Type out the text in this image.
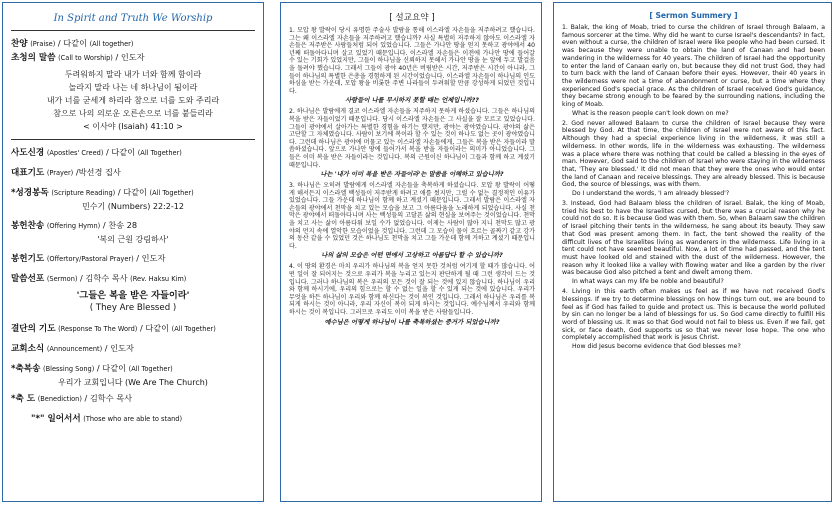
In Spirit and Truth We Worship

찬양 (Praise) / 다같이 (All together)

초청의 말씀 (Call to Worship) / 인도자

두려워하지 말라 내가 너와 함께 함이라

놀라지 말라 나는 네 하나님이 됨이라

내가 너를 굳세게 하리라 참으로 너를 도와 주리라

참으로 나의 의로운 오른손으로 너를 붙들리라

< 이사야 (Isaiah) 41:10 >

사도신경 (Apostles' Creed) / 다같이 (All Together)

대표기도 (Prayer) /박선경 집사

*성경봉독 (Scripture Reading) / 다같이 (All Together)

민수기 (Numbers) 22:2-12

봉헌찬송 (Offering Hymn) / 찬송 28

'복의 근원 강림하사'

봉헌기도 (Offertory/Pastoral Prayer) / 인도자

말씀선포 (Sermon) / 김학수 목사 (Rev. Haksu Kim)

'그들은 복을 받은 자들이라'

( They Are Blessed )

결단의 기도 (Response To The Word) / 다같이 (All Together)

교회소식 (Announcement) / 인도자

*축복송 (Blessing Song) / 다같이 (All Together)

우리가 교회입니다 (We Are The Church)

*축 도 (Benediction) / 김학수 목사

"*" 일어서서 (Those who are able to stand)

[ 설교요약 ]

1. 모압 왕 발락이 당시 유명한 주술사 발람을 통해 이스라엘 자손들을 저주하려고 했습니다. 그는 왜 이스라엘 자손들을 저주하려고 했습니까? 사실 특별히 저주하지 않아도 이스라엘 자손들은 저주받은 사람들처럼 되어 있었습니다. 그들은 가나안 땅을 얻지 못하고 광야에서 40년째 떠돌아다니며 살고 있었기 때문입니다. 이스라엘 자손들은 이전에 가나안 땅에 들어갈 수 있는 기회가 있었지만, 그들이 하나님을 신뢰하지 못해서 가나안 땅을 눈 앞에 두고 발걸음을 돌려야 했습니다. 그래서 그들이 광야 40년은 버림받은 시간, 저주받은 시간이 아니라, 그들이 하나님의 특별한 은총을 경험하게 된 시간이었습니다. 이스라엘 자손들이 하나님의 인도하심을 받는 가운데, 모압 왕을 비롯한 주변 나라들이 두려워할 만큼 강성하게 되었던 것입니다.

사람들이 나를 무시하지 못할 때는 언제입니까??

2. 하나님은 발람에게 결코 이스라엘 자손들을 저주하지 못하게 하셨습니다. 그들은 하나님의 복을 받은 자들이었기 때문입니다. 당시 이스라엘 자손들은 그 사실을 잘 모르고 있었습니다. 그들이 광야에서 살아가는 특별한 경험을 하기는 했지만, 광야는 광야였습니다. 광야의 삶은 고단할 그 자체였습니다. 사람이 보기에 복이라 할 수 있는 것이 하나도 없는 곳이 광야였습니다. 그런데 하나님은 광야에 머물고 있는 이스라엘 자손들에게, 그들은 복을 받은 자들이라 말씀하셨습니다. 앞으로 가나안 땅에 들어가서 복을 받을 자들이라는 의미가 아니었습니다. 그들은 이미 복을 받은 자들이라는 것입니다. 복의 근원이신 하나님이 그들과 함께 하고 계셨기 때문입니다.

나는 '내가 이미 복을 받은 자들이라'는 말씀을 이해하고 있습니까?

3. 하나님은 오히려 발람에게 이스라엘 자손들을 축복하게 하셨습니다. 모압 왕 발락이 어떻게 해서든지 이스라엘 백성들이 저주받게 하려고 애를 썼지만, 그럴 수 없는 결정적인 이유가 있었습니다. 그들 가운데 하나님이 함께 하고 계셨기 때문입니다. 그래서 발람은 이스라엘 자손들의 광야에서 천막을 치고 있는 모습을 보고 그 아름다움을 노래하게 되었습니다. 사실 천막은 광야에서 떠돌아다니며 사는 백성들의 고달픈 삶의 현실을 보여주는 것이었습니다. 천막을 치고 사는 삶이 아름다워 보일 수가 없었습니다. 이제는 사람이 많아 지니 천막도 많고 광야의 먼지 속에 열악한 모습이었을 것입니다. 그런데 그 모습이 물이 흐르는 골짜기 같고 강가의 동산 같을 수 있었던 것은 하나님도 천막을 치고 그들 가운데 함께 거하고 계셨기 때문입니다.

나의 삶의 모습은 어떤 면에서 고상하고 아름답다 할 수 있습니까?

4. 이 땅의 환경은 마치 우리가 하나님의 복을 얻지 못한 것처럼 여기게 할 때가 많습니다. 어떤 일이 잘 되어지는 것으로 우리가 복을 누리고 있는지 판단하게 될 때 그런 생각이 드는 것입니다. 그러나 하나님의 복은 우리의 모든 것이 잘 되는 것에 있지 않습니다. 하나님이 우리와 함께 하시기에, 우리의 힘으로는 할 수 없는 일을 할 수 있게 되는 것에 있습니다. 우리가 무엇을 하든 하나님이 우리와 함께 하신다는 것이 복인 것입니다. 그래서 하나님은 우리를 복되게 하시는 것이 아니라, 우리 자신이 복이 되게 하시는 것입니다. 예수님께서 우리와 함께 하시는 것이 복입니다. 그러므로 우리도 이미 복을 받은 사람들입니다.

예수님은 어떻게 하나님이 나를 축복하셨는 증거가 되었습니까?

[ Sermon Summery ]

1. Balak, the king of Moab, tried to curse the children of Israel through Balaam, a famous sorcerer at the time. Why did he want to curse Israel's descendants? In fact, even without a curse, the children of Israel were like people who had been cursed. It was because they were unable to obtain the land of Canaan and had been wandering in the wilderness for 40 years. The children of Israel had the opportunity to enter the land of Canaan early on, but because they did not trust God, they had to turn back with the land of Canaan before their eyes. However, their 40 years in the wilderness were not a time of abandonment or curse, but a time where they experienced God's special grace. As the children of Israel received God's guidance, they became strong enough to be feared by the surrounding nations, including the king of Moab.

What is the reason people can't look down on me?

2. God never allowed Balaam to curse the children of Israel because they were blessed by God. At that time, the children of Israel were not aware of this fact. Although they had a special experience living in the wilderness, it was still a wilderness. In other words, life in the wilderness was exhausting. The wilderness was a place where there was nothing that could be called a blessing in the eyes of man. However, God said to the children of Israel who were staying in the wilderness that, 'They are blessed.' It did not mean that they were the ones who would enter the land of Canaan and receive blessings. They are already blessed. This is because God, the source of blessings, was with them.

Do I understand the words, 'I am already blessed'?

3. Instead, God had Balaam bless the children of Israel. Balak, the king of Moab, tried his best to have the Israelites cursed, but there was a crucial reason why he could not do so. It is because God was with them. So, when Balaam saw the children of Israel pitching their tents in the wilderness, he sang about its beauty. They saw that God was present among them. In fact, the tent showed the reality of the difficult lives of the Israelites living as wanderers in the wilderness. Life living in a tent could not have seemed beautiful. Now, a lot of time had passed, and the tent must have looked old and stained with the dust of the wilderness. However, the reason why it looked like a valley with flowing water and like a garden by the river was because God also pitched a tent and dwelt among them.

In what ways can my life be noble and beautiful?

4. Living in this earth often makes us feel as if we have not received God's blessings. If we try to determine blessings on how things turn out, we are bound to feel as if God has failed to guide and protect us. This is because the world polluted by sin can no longer be a land of blessings for us. So God came directly to fulfill His word of blessing us. It was so that God would not fail to bless us. Even if we fail, get sick, or face death, God supports us so that we never lose hope. The one who completely accomplished that work is Jesus Christ.

How did Jesus become evidence that God blesses me?
